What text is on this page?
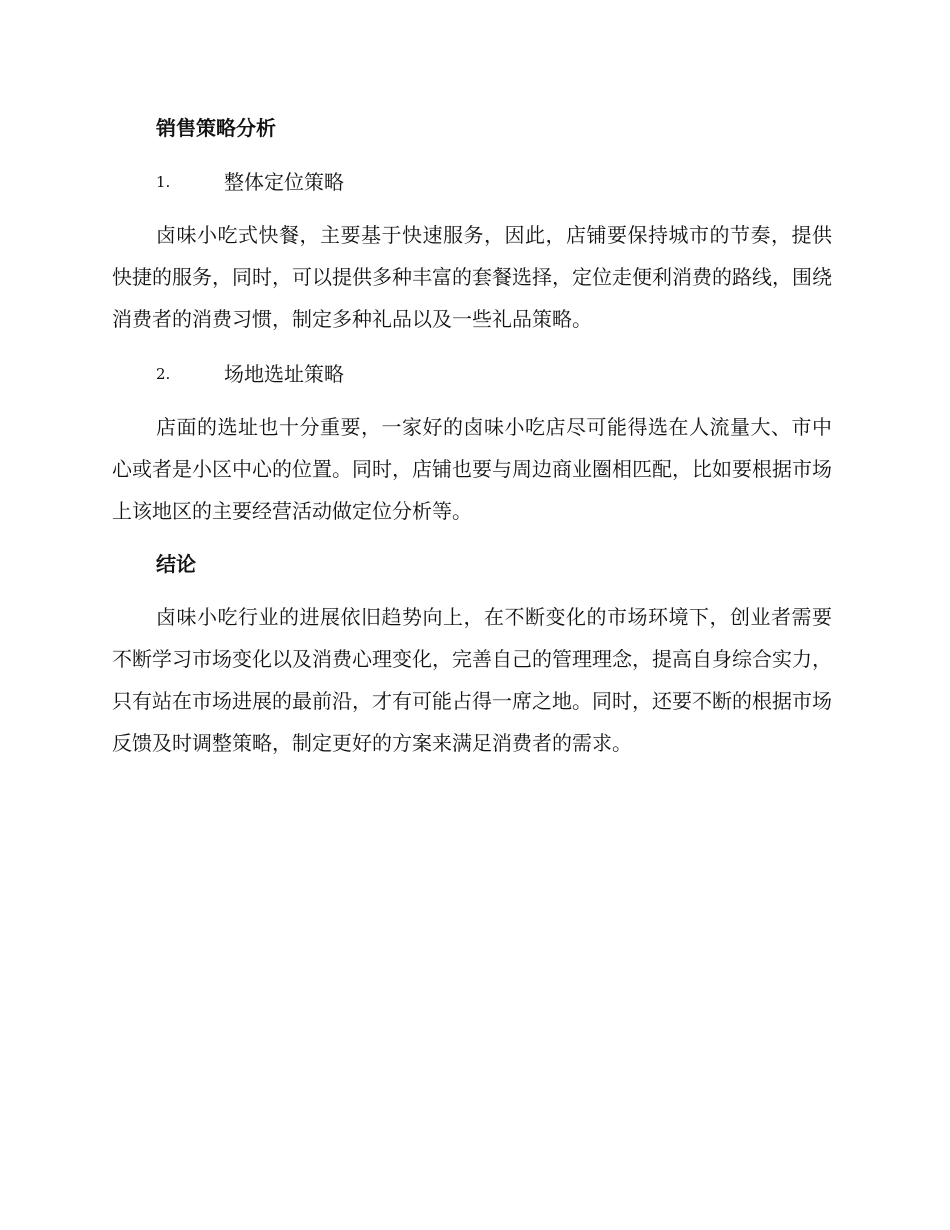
销售策略分析
1.	整体定位策略

卤味小吃式快餐，主要基于快速服务，因此，店铺要保持城市的节奏，提供快捷的服务，同时，可以提供多种丰富的套餐选择，定位走便利消费的路线，围绕消费者的消费习惯，制定多种礼品以及一些礼品策略。

2.	场地选址策略

店面的选址也十分重要，一家好的卤味小吃店尽可能得选在人流量大、市中心或者是小区中心的位置。同时，店铺也要与周边商业圈相匹配，比如要根据市场上该地区的主要经营活动做定位分析等。

结论

卤味小吃行业的进展依旧趋势向上，在不断变化的市场环境下，创业者需要不断学习市场变化以及消费心理变化，完善自己的管理理念，提高自身综合实力，只有站在市场进展的最前沿，才有可能占得一席之地。同时，还要不断的根据市场反馈及时调整策略，制定更好的方案来满足消费者的需求。
